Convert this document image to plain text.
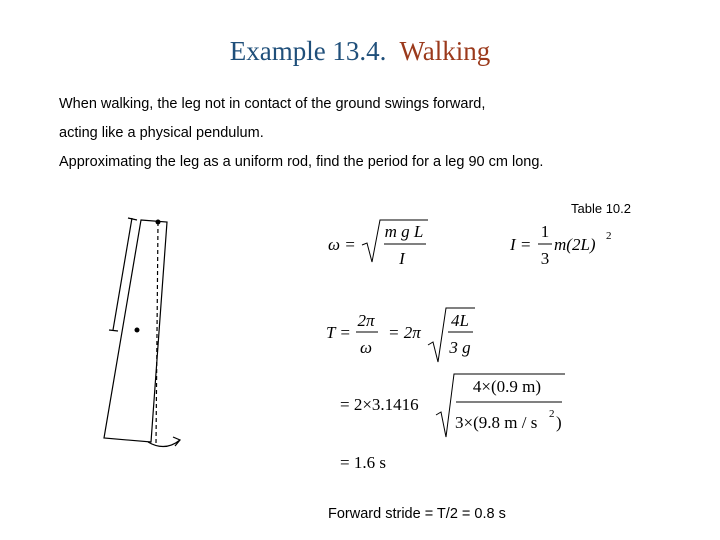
Example 13.4. Walking
When walking, the leg not in contact of the ground swings forward,
acting like a physical pendulum.
Approximating the leg as a uniform rod, find the period for a leg 90 cm long.
Table 10.2
ω =
m g L
I
I =
1
3
m(2L) 2
T =
2π
ω
= 2π
4L
3 g
= 2×3.1416
4×(0.9 m)
3×(9.8 m / s 2 )
= 1.6 s
Forward stride = T/2 = 0.8 s
